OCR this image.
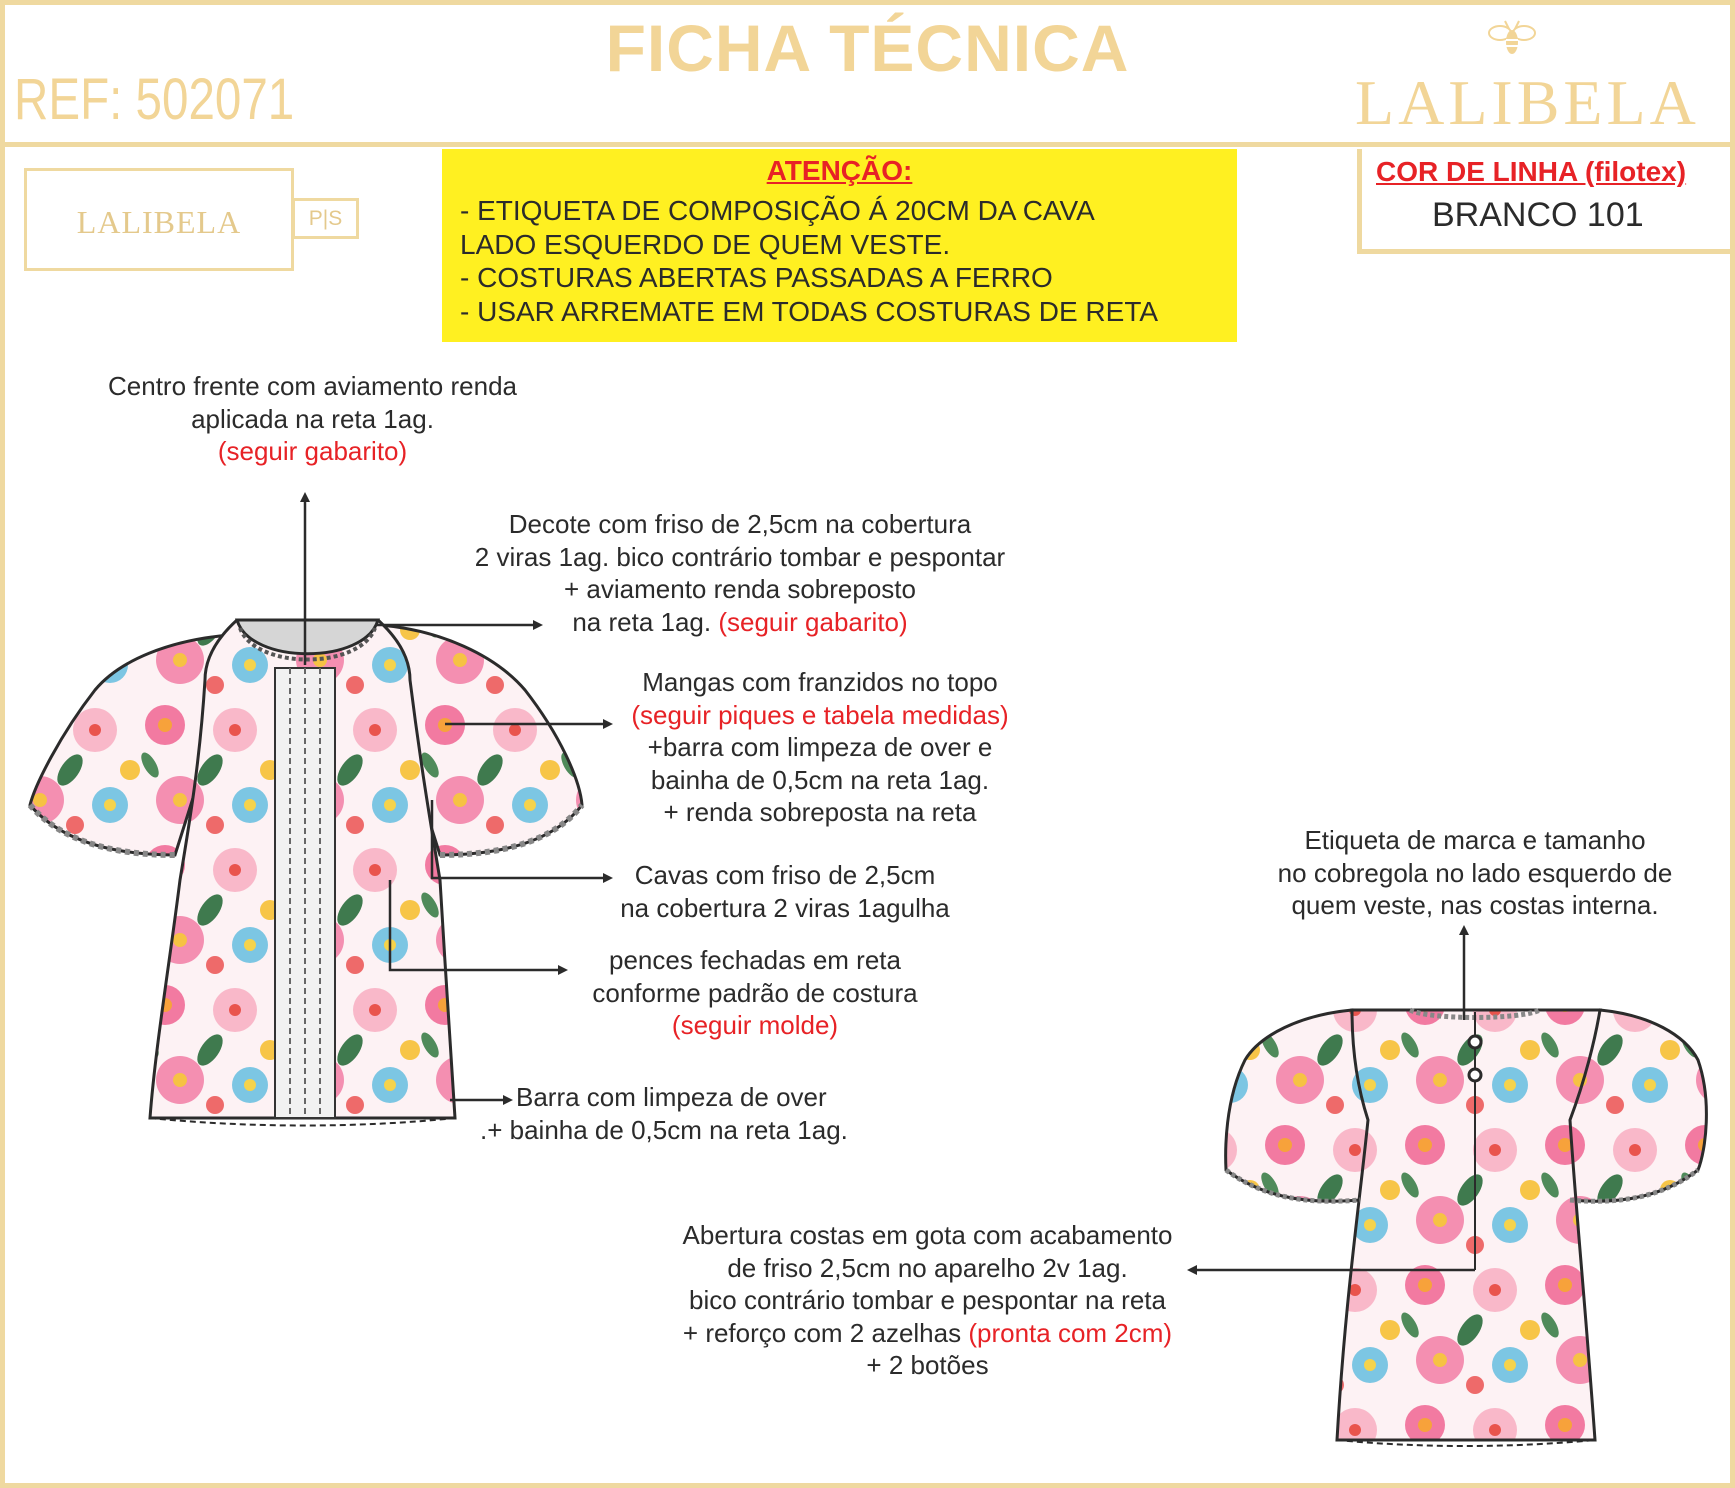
FICHA TÉCNICA
REF: 502071	LALIBELA
LALIBELA	P|S
ATENÇÃO:
- ETIQUETA DE COMPOSIÇÃO Á 20CM DA CAVA
LADO ESQUERDO DE QUEM VESTE.
- COSTURAS ABERTAS PASSADAS A FERRO
- USAR ARREMATE EM TODAS COSTURAS DE RETA
COR DE LINHA (filotex)
BRANCO 101
Centro frente com aviamento renda
aplicada na reta 1ag.
(seguir gabarito)
Decote com friso de 2,5cm na cobertura
2 viras 1ag. bico contrário tombar e pespontar
+ aviamento renda sobreposto
na reta 1ag. (seguir gabarito)
Mangas com franzidos no topo
(seguir piques e tabela medidas)
+barra com limpeza de over e
bainha de 0,5cm na reta 1ag.
+ renda sobreposta na reta
Cavas com friso de 2,5cm
na cobertura 2 viras 1agulha
pences fechadas em reta
conforme padrão de costura
(seguir molde)
Barra com limpeza de over
.+ bainha de 0,5cm na reta 1ag.
Etiqueta de marca e tamanho
no cobregola no lado esquerdo de
quem veste, nas costas interna.
Abertura costas em gota com acabamento
de friso 2,5cm no aparelho 2v 1ag.
bico contrário tombar e pespontar na reta
+ reforço com 2 azelhas (pronta com 2cm)
+ 2 botões
